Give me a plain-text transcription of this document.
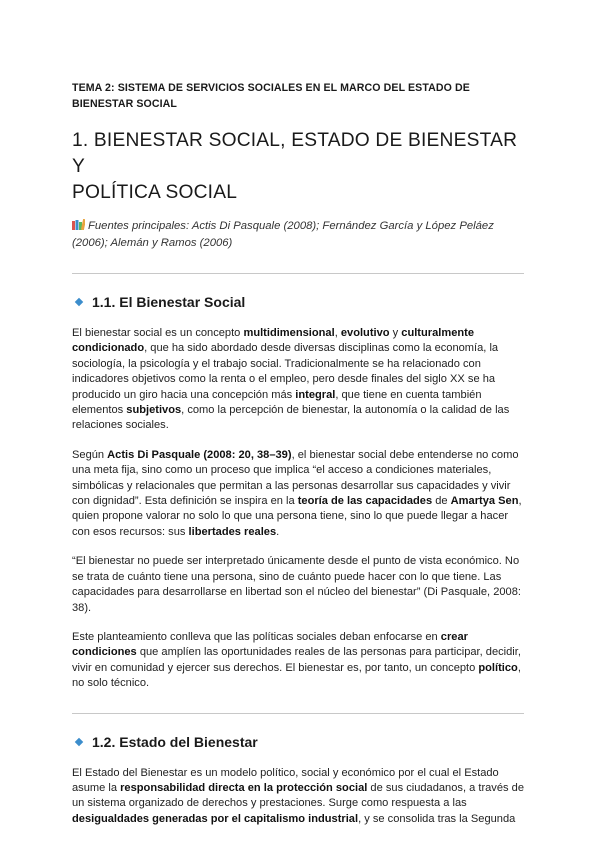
TEMA 2: SISTEMA DE SERVICIOS SOCIALES EN EL MARCO DEL ESTADO DE
BIENESTAR SOCIAL

1. BIENESTAR SOCIAL, ESTADO DE BIENESTAR Y
POLÍTICA SOCIAL

Fuentes principales: Actis Di Pasquale (2008); Fernández García y López Peláez (2006); Alemán y Ramos (2006)

1.1. El Bienestar Social

El bienestar social es un concepto multidimensional, evolutivo y culturalmente condicionado, que ha sido abordado desde diversas disciplinas como la economía, la sociología, la psicología y el trabajo social. Tradicionalmente se ha relacionado con indicadores objetivos como la renta o el empleo, pero desde finales del siglo XX se ha producido un giro hacia una concepción más integral, que tiene en cuenta también elementos subjetivos, como la percepción de bienestar, la autonomía o la calidad de las relaciones sociales.

Según Actis Di Pasquale (2008: 20, 38–39), el bienestar social debe entenderse no como una meta fija, sino como un proceso que implica “el acceso a condiciones materiales, simbólicas y relacionales que permitan a las personas desarrollar sus capacidades y vivir con dignidad”. Esta definición se inspira en la teoría de las capacidades de Amartya Sen, quien propone valorar no solo lo que una persona tiene, sino lo que puede llegar a hacer con esos recursos: sus libertades reales.

“El bienestar no puede ser interpretado únicamente desde el punto de vista económico. No se trata de cuánto tiene una persona, sino de cuánto puede hacer con lo que tiene. Las capacidades para desarrollarse en libertad son el núcleo del bienestar” (Di Pasquale, 2008: 38).

Este planteamiento conlleva que las políticas sociales deban enfocarse en crear condiciones que amplíen las oportunidades reales de las personas para participar, decidir, vivir en comunidad y ejercer sus derechos. El bienestar es, por tanto, un concepto político, no solo técnico.

1.2. Estado del Bienestar

El Estado del Bienestar es un modelo político, social y económico por el cual el Estado asume la responsabilidad directa en la protección social de sus ciudadanos, a través de un sistema organizado de derechos y prestaciones. Surge como respuesta a las desigualdades generadas por el capitalismo industrial, y se consolida tras la Segunda
